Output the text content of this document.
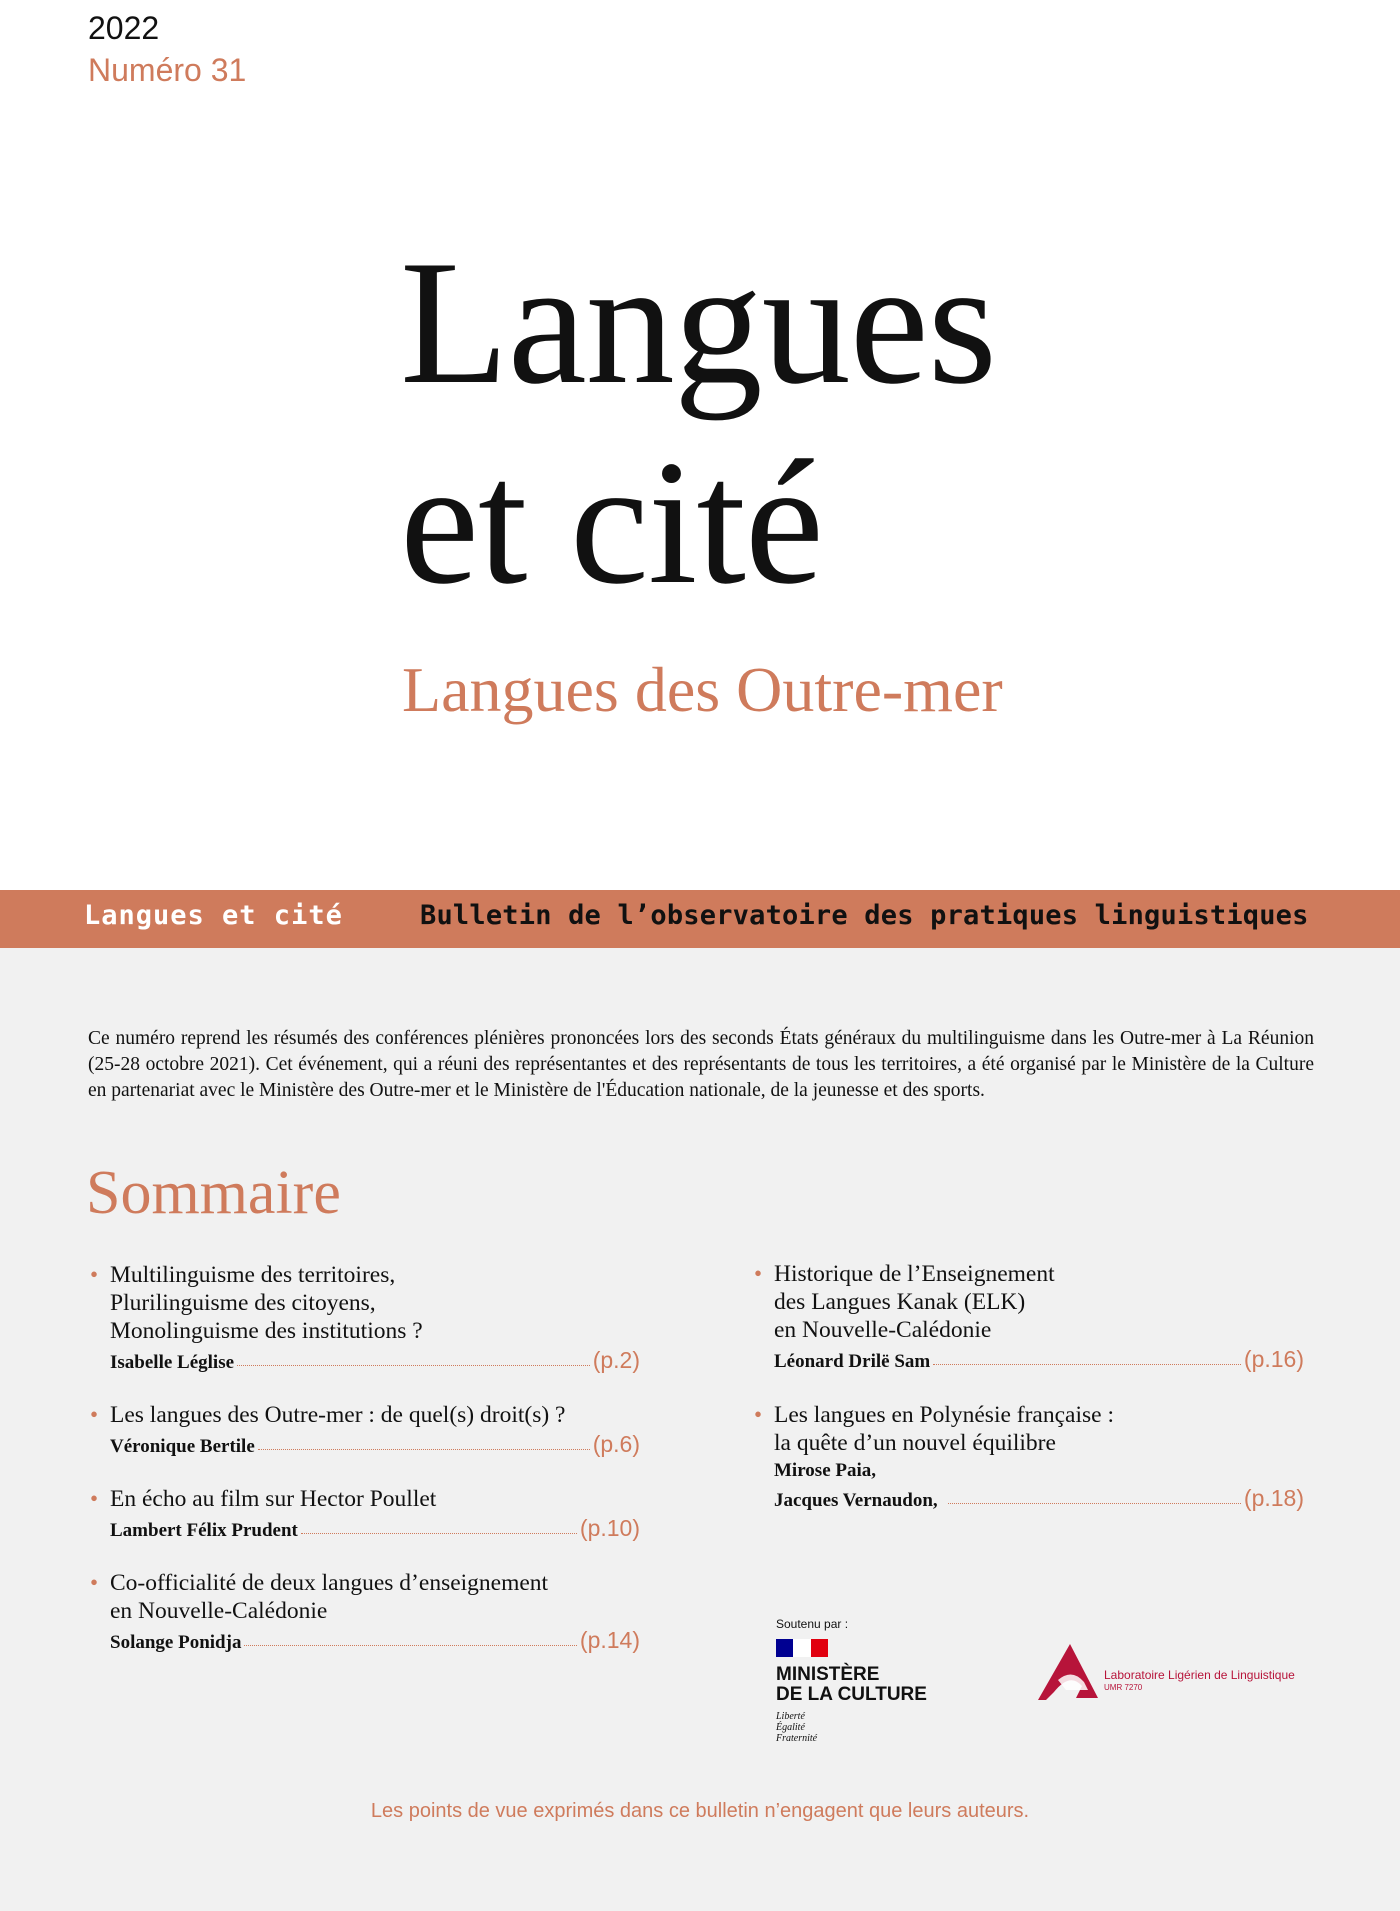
2022
Numéro 31
Langues
et cité
Langues des Outre-mer
Langues et cité	Bulletin de l’observatoire des pratiques linguistiques

Ce numéro reprend les résumés des conférences plénières prononcées lors des seconds États généraux du multilinguisme dans les Outre-mer à La Réunion (25-28 octobre 2021). Cet événement, qui a réuni des représentantes et des représentants de tous les territoires, a été organisé par le Ministère de la Culture en partenariat avec le Ministère des Outre-mer et le Ministère de l'Éducation nationale, de la jeunesse et des sports.

Sommaire
• Multilinguisme des territoires,
Plurilinguisme des citoyens,
Monolinguisme des institutions ?
Isabelle Léglise	(p.2)
• Les langues des Outre-mer : de quel(s) droit(s) ?
Véronique Bertile	(p.6)
• En écho au film sur Hector Poullet
Lambert Félix Prudent	(p.10)
• Co-officialité de deux langues d’enseignement
en Nouvelle-Calédonie
Solange Ponidja	(p.14)
• Historique de l’Enseignement
des Langues Kanak (ELK)
en Nouvelle-Calédonie
Léonard Drilë Sam	(p.16)
• Les langues en Polynésie française :
la quête d’un nouvel équilibre
Mirose Paia,
Jacques Vernaudon,	(p.18)
Soutenu par :
MINISTÈRE
DE LA CULTURE
Liberté
Égalité
Fraternité
Laboratoire Ligérien de Linguistique
UMR 7270
Les points de vue exprimés dans ce bulletin n’engagent que leurs auteurs.
